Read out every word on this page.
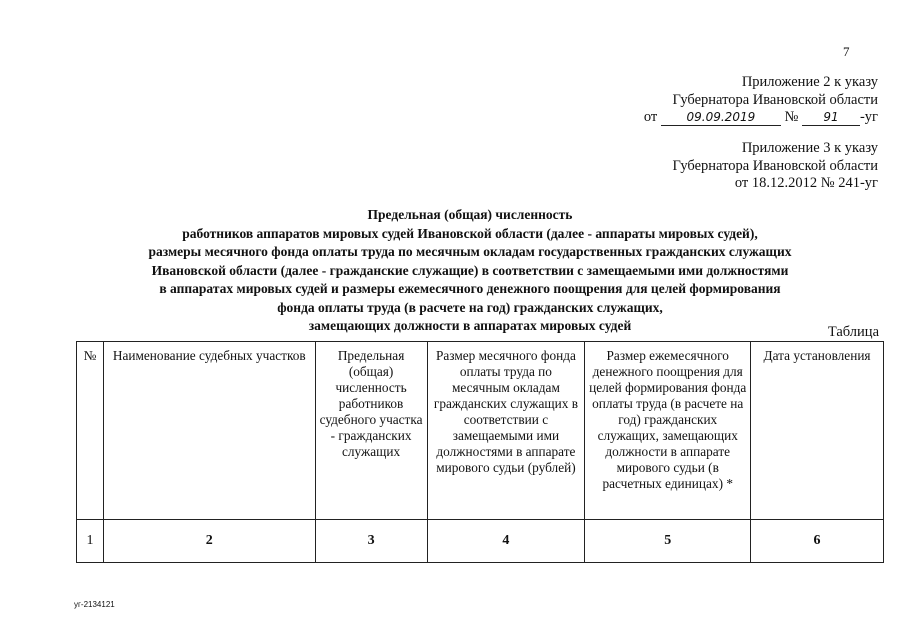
7
Приложение 2 к указу
Губернатора Ивановской области
от 09.09.2019 № 91 -уг
Приложение 3 к указу
Губернатора Ивановской области
от 18.12.2012 № 241-уг
Предельная (общая) численность
работников аппаратов мировых судей Ивановской области (далее - аппараты мировых судей),
размеры месячного фонда оплаты труда по месячным окладам государственных гражданских служащих
Ивановской области (далее - гражданские служащие) в соответствии с замещаемыми ими должностями
в аппаратах мировых судей и размеры ежемесячного денежного поощрения для целей формирования
фонда оплаты труда (в расчете на год) гражданских служащих,
замещающих должности в аппаратах мировых судей	Таблица
№	Наименование судебных участков	Предельная (общая) численность работников судебного участка - гражданских служащих	Размер месячного фонда оплаты труда по месячным окладам гражданских служащих в соответствии с замещаемыми ими должностями в аппарате мирового судьи (рублей)	Размер ежемесячного денежного поощрения для целей формирования фонда оплаты труда (в расчете на год) гражданских служащих, замещающих должности в аппарате мирового судьи (в расчетных единицах) *	Дата установления
1	2	3	4	5	6
уг-2134121
